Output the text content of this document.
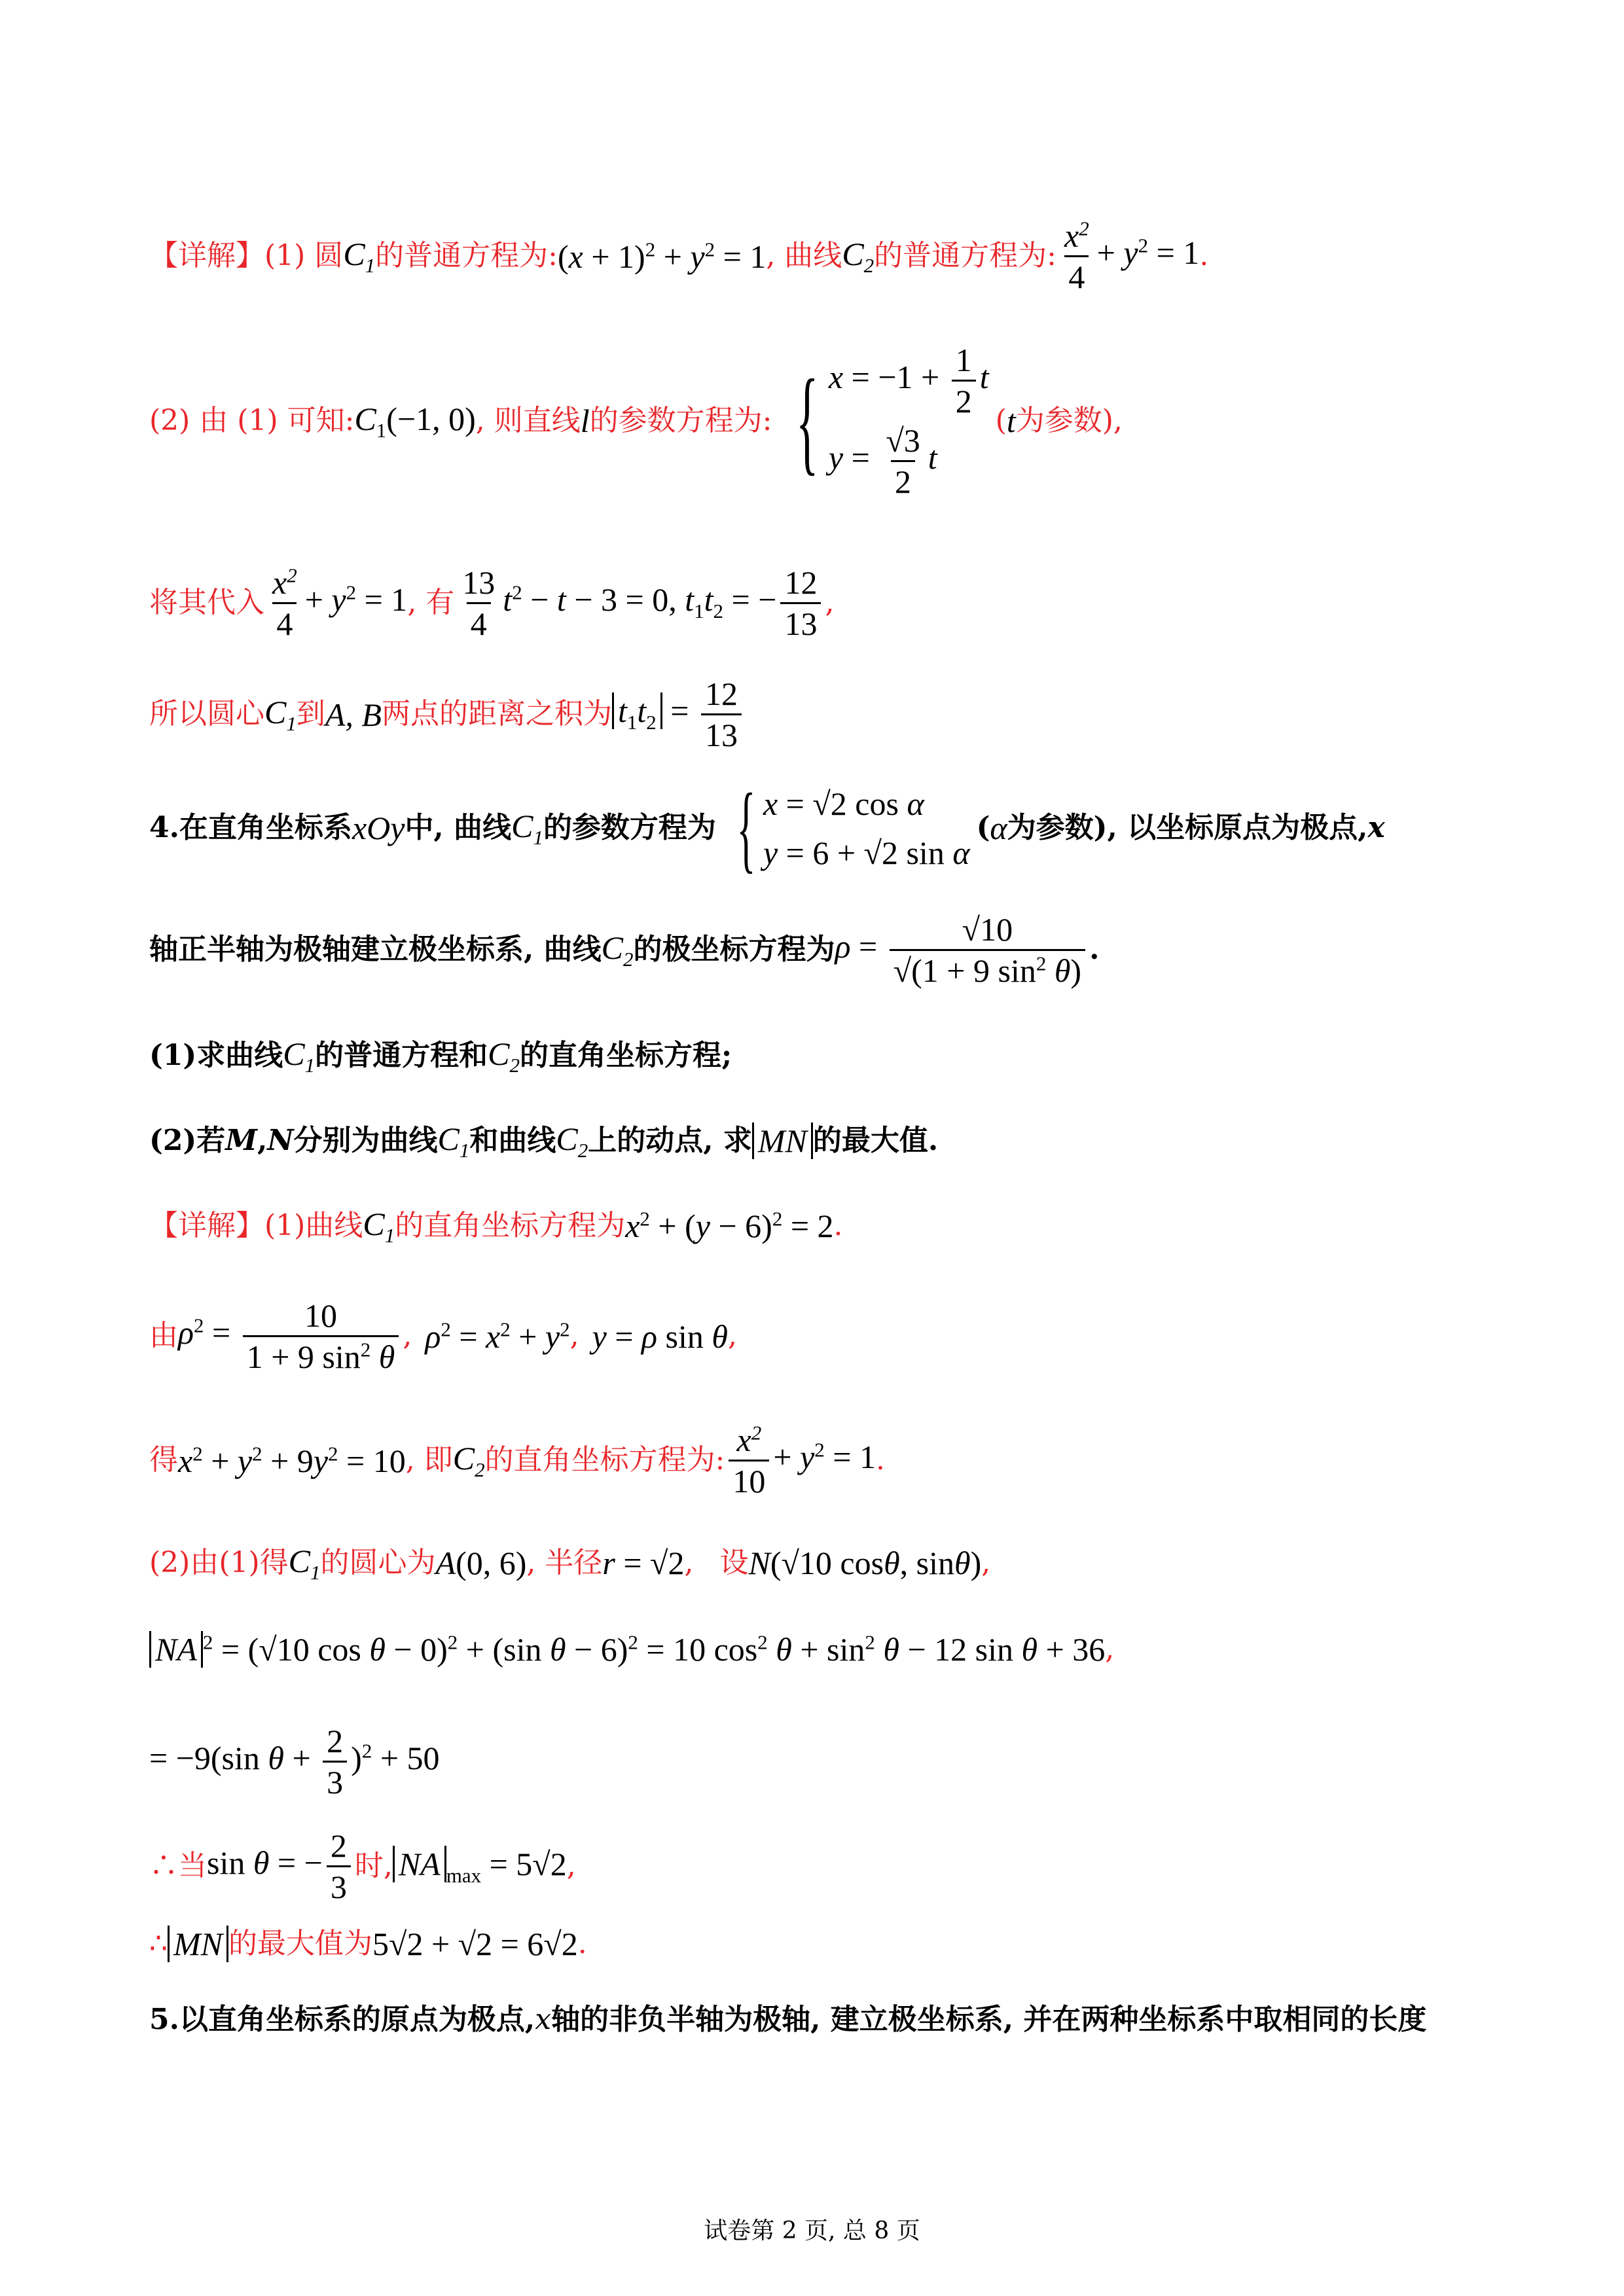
【详解】(1) 圆 $C_1$ 的普通方程为: $(x + 1)^2 + y^2 = 1$ , 曲线 $C_2$ 的普通方程为: $\frac{x^2}{4} + y^2 = 1$ .
(2) 由 (1) 可知: $C_1(-1$, 0) , 则直线 l 的参数方程为: { $x = -1 + \frac{1}{2}$ t
$y = \frac{√3}{2}$ t
( t 为参数),
将其代入 $\frac{x^2}{4} + y^2 = 1$ , 有 $\frac{13}{4} t^2 - t - 3 = 0$, $t_1t_2$ = − $\frac{12}{13}$ ,
所以圆心 $C_1$ 到 A, B 两点的距离之积为 $t_1t_2 = \frac{12}{13}$
4. 在直角坐标系 xOy 中, 曲线 $C_1$ 的参数方程为 { x = √2 cos α
y = 6 + √2 sin α
( α 为参数), 以坐标原点为极点, x
轴正半轴为极轴建立极坐标系, 曲线 $C_2$ 的极坐标方程为 $\rho = \frac{√10}{√(1 + 9 \sin^2 \theta)}$ .
(1)求曲线 $C_1$ 的普通方程和 $C_2$ 的直角坐标方程;
(2)若 M , N 分别为曲线 $C_1$ 和曲线 $C_2$ 上的动点, 求 MN 的最大值.
【详解】(1)曲线 $C_1$ 的直角坐标方程为 $x^2 + (y - 6)^2 = 2$ .
由 $\rho^2 = \frac{10}{1 + 9 \sin^2 \theta}$ , $\rho^2 = x^2 + y^2$ , y = ρ sin θ ,
得 $x^2 + y^2 + 9y^2 = 10$ , 即 $C_2$ 的直角坐标方程为: $\frac{x^2}{10} + y^2 = 1$ .
(2)由(1)得 $C_1$ 的圆心为 A(0, 6) , 半径 r = √2 , 设 N(√10 cosθ, sinθ) ,
NA $^2$ = (√10 cos θ − 0)$^2$ + (sin θ − 6)$^2$ = 10 $\cos^2 \theta + \sin^2 \theta - 12$ sin θ + 36 ,
= −9(sin $\theta + \frac{2}{3} )^2 + 50$
∴当 sin θ = − $\frac{2}{3}$ 时, NA $_{max}$ = 5√2 ,
∴ MN 的最大值为 5√2 + √2 = 6√2 .
5. 以直角坐标系的原点为极点, x 轴的非负半轴为极轴, 建立极坐标系, 并在两种坐标系中取相同的长度
试卷第 2 页, 总 8 页
